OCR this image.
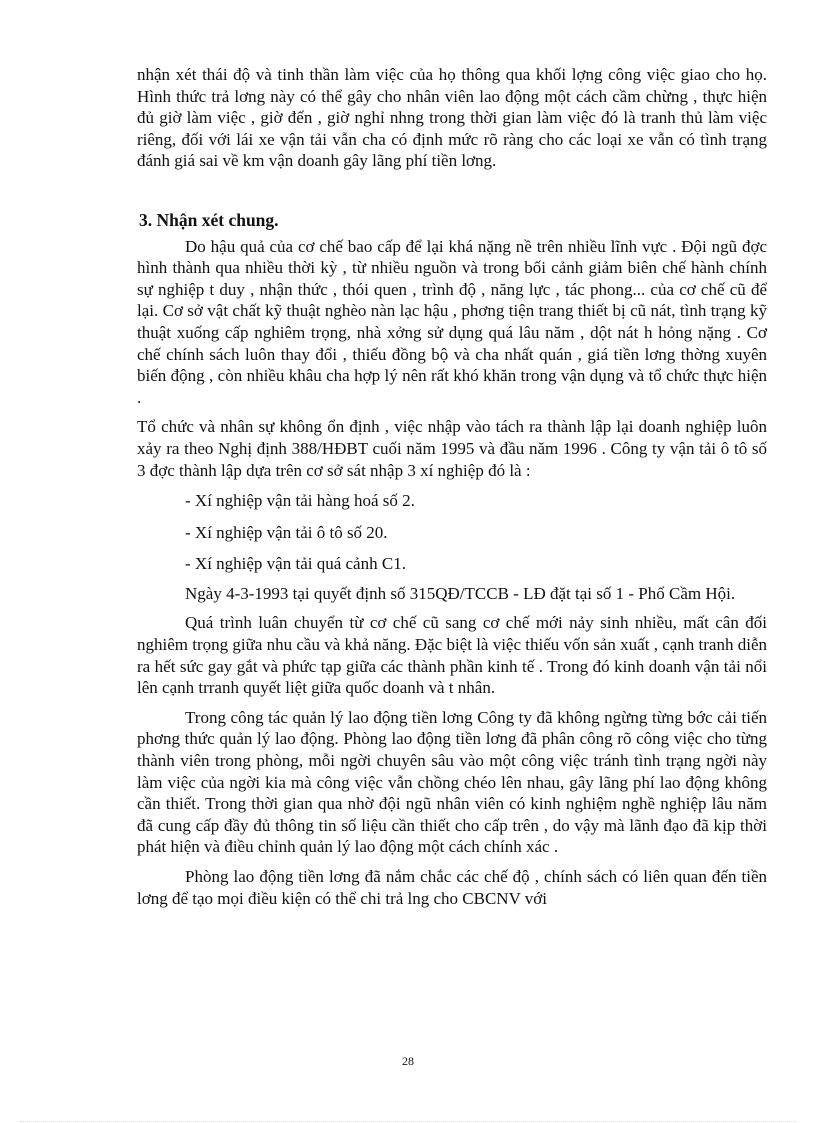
nhận xét thái độ và tinh thần làm việc của họ thông qua khối lợng công việc giao cho họ. Hình thức trả lơng này có thể gây cho nhân viên lao động một cách cầm chừng , thực hiện đủ giờ làm việc , giờ đến , giờ nghỉ nhng trong thời gian làm việc đó là tranh thủ làm việc riêng, đối với lái xe vận tải vẫn cha có định mức rõ ràng cho các loại xe vẫn có tình trạng đánh giá sai về km vận doanh gây lãng phí tiền lơng.

3. Nhận xét chung.

Do hậu quả của cơ chế bao cấp để lại khá nặng nề trên nhiều lĩnh vực . Đội ngũ đợc hình thành qua nhiều thời kỳ , từ nhiều nguồn và trong bối cảnh giảm biên chế hành chính sự nghiệp t duy , nhận thức , thói quen , trình độ , năng lực , tác phong... của cơ chế cũ để lại. Cơ sở vật chất kỹ thuật nghèo nàn lạc hậu , phơng tiện trang thiết bị cũ nát, tình trạng kỹ thuật xuống cấp nghiêm trọng, nhà xởng sử dụng quá lâu năm , dột nát h hỏng nặng . Cơ chế chính sách luôn thay đổi , thiếu đồng bộ và cha nhất quán , giá tiền lơng thờng xuyên biến động , còn nhiều khâu cha hợp lý nên rất khó khăn trong vận dụng và tổ chức thực hiện .

Tổ chức và nhân sự không ổn định , việc nhập vào tách ra thành lập lại doanh nghiệp luôn xảy ra theo Nghị định 388/HĐBT cuối năm 1995 và đầu năm 1996 . Công ty vận tải ô tô số 3 đợc thành lập dựa trên cơ sở sát nhập 3 xí nghiệp đó là :

- Xí nghiệp vận tải hàng hoá số 2.

- Xí nghiệp vận tải ô tô số 20.

- Xí nghiệp vận tải quá cảnh C1.

Ngày 4-3-1993 tại quyết định số 315QĐ/TCCB - LĐ đặt tại số 1 - Phố Cầm Hội.

Quá trình luân chuyển từ cơ chế cũ sang cơ chế mới nảy sinh nhiều, mất cân đối nghiêm trọng giữa nhu cầu và khả năng. Đặc biệt là việc thiếu vốn sản xuất , cạnh tranh diễn ra hết sức gay gắt và phức tạp giữa các thành phần kinh tế . Trong đó kinh doanh vận tải nổi lên cạnh trranh quyết liệt giữa quốc doanh và t nhân.

Trong công tác quản lý lao động tiền lơng Công ty đã không ngừng từng bớc cải tiến phơng thức quản lý lao động. Phòng lao động tiền lơng đã phân công rõ công việc cho từng thành viên trong phòng, mỗi ngời chuyên sâu vào một công việc tránh tình trạng ngời này làm việc của ngời kia mà công việc vẫn chồng chéo lên nhau, gây lãng phí lao động không cần thiết. Trong thời gian qua nhờ đội ngũ nhân viên có kinh nghiệm nghề nghiệp lâu năm đã cung cấp đầy đủ thông tin số liệu cần thiết cho cấp trên , do vậy mà lãnh đạo đã kịp thời phát hiện và điều chỉnh quản lý lao động một cách chính xác .

Phòng lao động tiền lơng đã nắm chắc các chế độ , chính sách có liên quan đến tiền lơng để tạo mọi điều kiện có thể chi trả lng cho CBCNV với

28
